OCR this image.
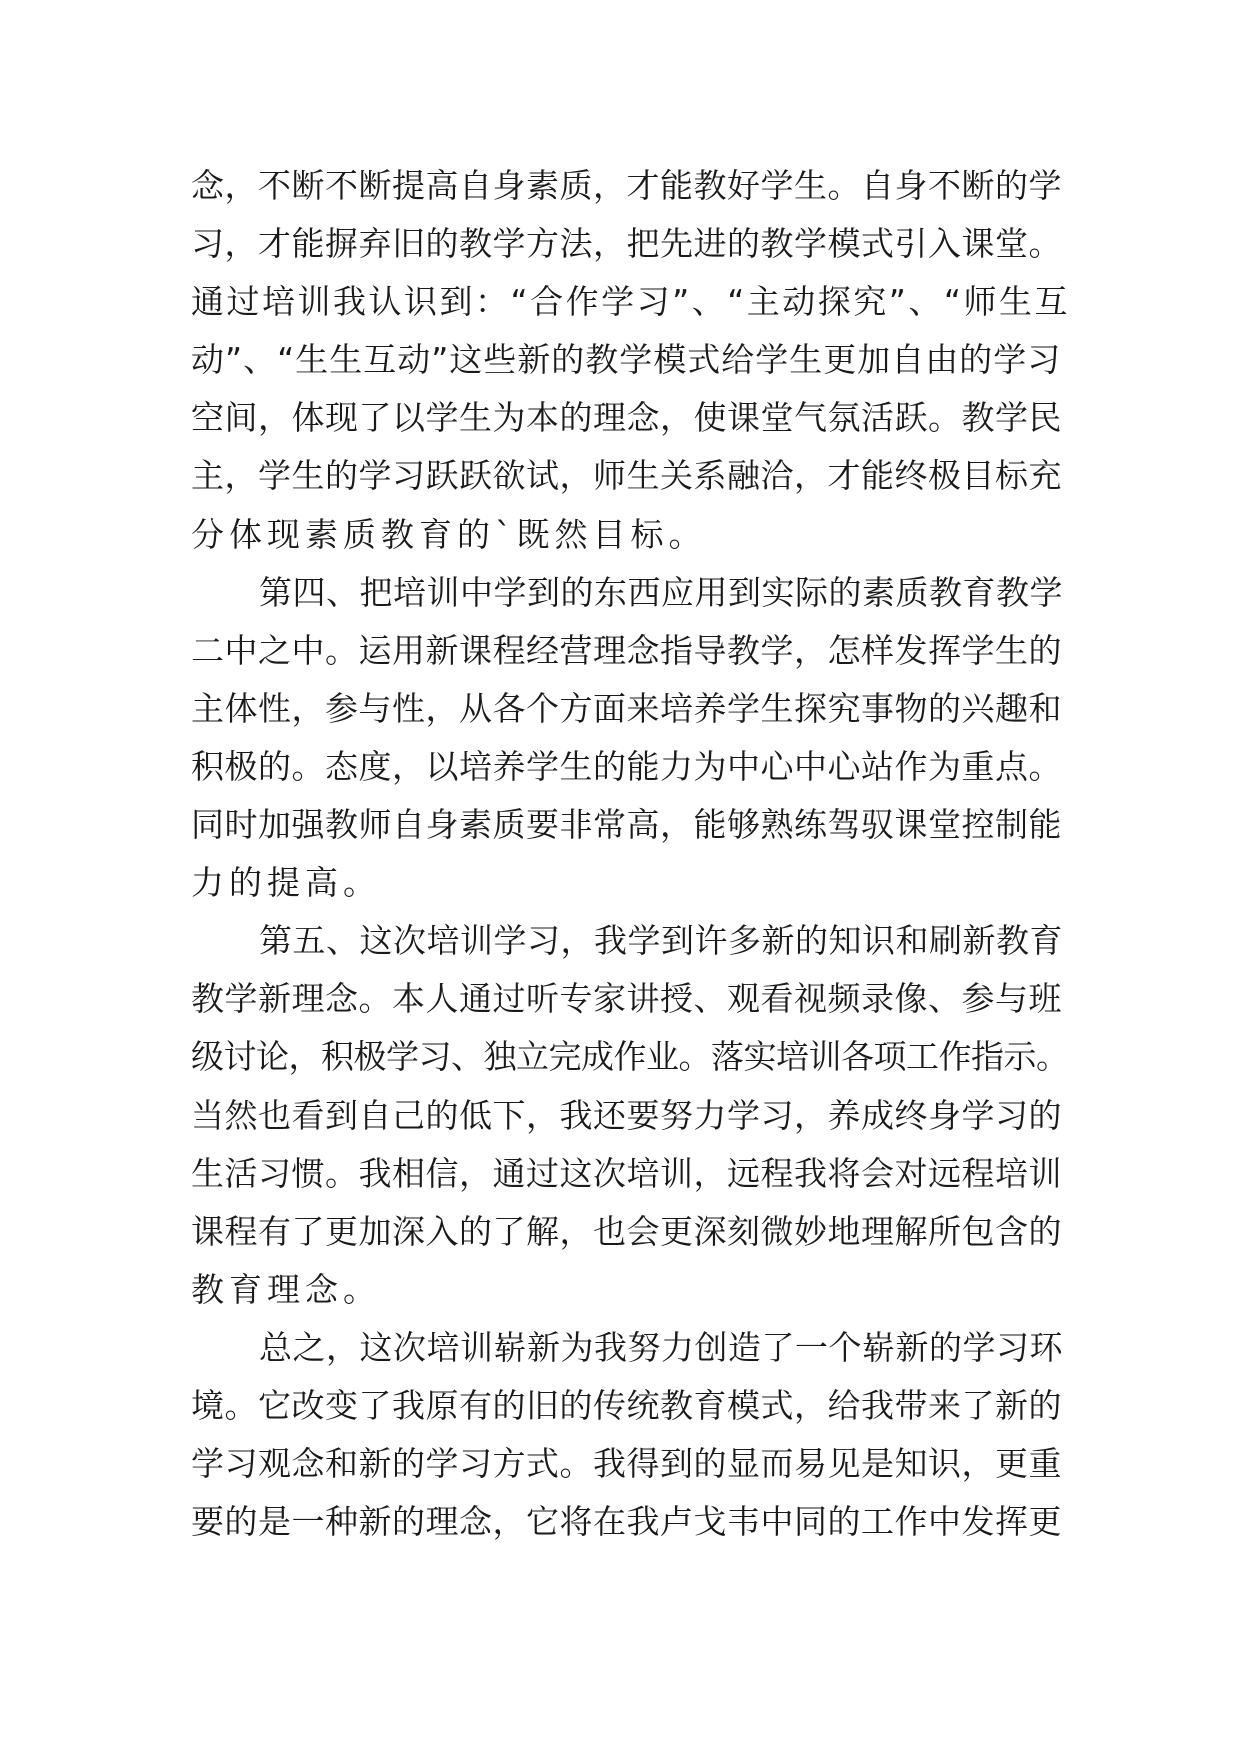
念，不断不断提高自身素质，才能教好学生。自身不断的学
习，才能摒弃旧的教学方法，把先进的教学模式引入课堂。
通过培训我认识到：“合作学习”、“主动探究”、“师生互
动”、“生生互动”这些新的教学模式给学生更加自由的学习
空间，体现了以学生为本的理念，使课堂气氛活跃。教学民
主，学生的学习跃跃欲试，师生关系融洽，才能终极目标充
分体现素质教育的`既然目标。
第四、把培训中学到的东西应用到实际的素质教育教学
二中之中。运用新课程经营理念指导教学，怎样发挥学生的
主体性，参与性，从各个方面来培养学生探究事物的兴趣和
积极的。态度，以培养学生的能力为中心中心站作为重点。
同时加强教师自身素质要非常高，能够熟练驾驭课堂控制能
力的提高。
第五、这次培训学习，我学到许多新的知识和刷新教育
教学新理念。本人通过听专家讲授、观看视频录像、参与班
级讨论，积极学习、独立完成作业。落实培训各项工作指示。
当然也看到自己的低下，我还要努力学习，养成终身学习的
生活习惯。我相信，通过这次培训，远程我将会对远程培训
课程有了更加深入的了解，也会更深刻微妙地理解所包含的
教育理念。
总之，这次培训崭新为我努力创造了一个崭新的学习环
境。它改变了我原有的旧的传统教育模式，给我带来了新的
学习观念和新的学习方式。我得到的显而易见是知识，更重
要的是一种新的理念，它将在我卢戈韦中同的工作中发挥更
